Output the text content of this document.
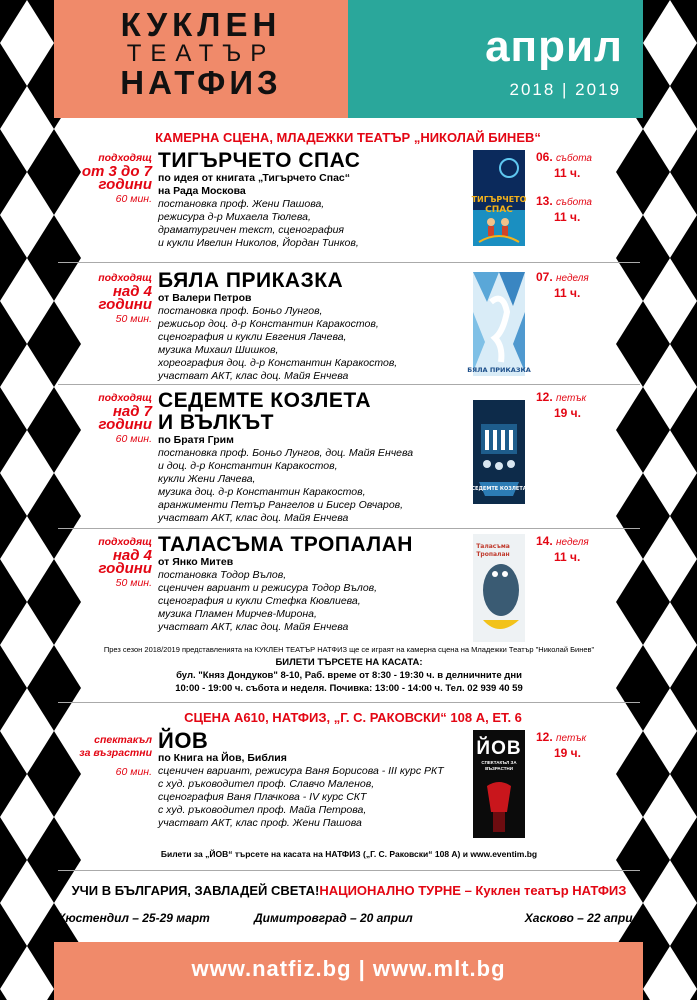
КУКЛЕН
ТЕАТЪР
НАТФИЗ
април
2018 | 2019
КАМЕРНА СЦЕНА, МЛАДЕЖКИ ТЕАТЪР „НИКОЛАЙ БИНЕВ“
подходящ
от 3 до 7 години
60 мин.
ТИГЪРЧЕТО СПАС
по идея от книгата „Тигърчето Спас“
на Рада Москова
постановка проф. Жени Пашова,
режисура д-р Михаела Тюлева,
драматургичен текст, сценография
и кукли Ивелин Николов, Йордан Тинков,
ТИГЪРЧЕТО
СПАС
06. събота
11 ч.
13. събота
11 ч.
подходящ
над 4 години
50 мин.
БЯЛА ПРИКАЗКА
от Валери Петров
постановка проф. Боньо Лунгов,
режисьор доц. д-р Константин Каракостов,
сценография и кукли Евгения Лачева,
музика Михаил Шишков,
хореография доц. д-р Константин Каракостов,
участват АКТ, клас доц. Майя Енчева	БЯЛА ПРИКАЗКА
07. неделя
11 ч.
подходящ
над 7 години
60 мин.
СЕДЕМТЕ КОЗЛЕТА
И ВЪЛКЪТ
по Братя Грим
постановка проф. Боньо Лунгов, доц. Майя Енчева
и доц. д-р Константин Каракостов,
кукли Жени Лачева,
музика доц. д-р Константин Каракостов,
аранжименти Петър Рангелов и Бисер Овчаров,
участват АКТ, клас доц. Майя Енчева
СЕДЕМТЕ КОЗЛЕТА
12. петък
19 ч.
подходящ
над 4 години
50 мин.
ТАЛАСЪМА ТРОПАЛАН
от Янко Митев
постановка Тодор Вълов,
сценичен вариант и режисура Тодор Вълов,
сценография и кукли Стефка Кювлиева,
музика Пламен Мирчев-Мирона,
участват АКТ, клас доц. Майя Енчева
Таласъма
Тропалан
14. неделя
11 ч.
През сезон 2018/2019 представленията на КУКЛЕН ТЕАТЪР НАТФИЗ ще се играят на камерна сцена на Младежки Театър "Николай Бинев"
БИЛЕТИ ТЪРСЕТЕ НА КАСАТА:
бул. "Княз Дондуков" 8-10, Раб. време от 8:30 - 19:30 ч. в делничните дни
10:00 - 19:00 ч. събота и неделя. Почивка: 13:00 - 14:00 ч. Тел. 02 939 40 59
СЦЕНА А610, НАТФИЗ, „Г. С. РАКОВСКИ“ 108 А, ЕТ. 6
спектакъл
за възрастни
60 мин.
ЙОВ
по Книга на Йов, Библия
сценичен вариант, режисура Ваня Борисова - III курс РКТ
с худ. ръководител проф. Славчо Маленов,
сценография Ваня Плачкова - IV курс СКТ
с худ. ръководител проф. Майа Петрова,
участват АКТ, клас проф. Жени Пашова
ЙОВ
СПЕКТАКЪЛ ЗА ВЪЗРАСТНИ
12. петък
19 ч.
Билети за „ЙОВ“ търсете на касата на НАТФИЗ („Г. С. Раковски“ 108 А) и www.eventim.bg
УЧИ В БЪЛГАРИЯ, ЗАВЛАДЕЙ СВЕТА!НАЦИОНАЛНО ТУРНЕ – Куклен театър НАТФИЗ
Кюстендил – 25-29 март	Димитровград – 20 април	Хасково – 22 април
www.natfiz.bg | www.mlt.bg
